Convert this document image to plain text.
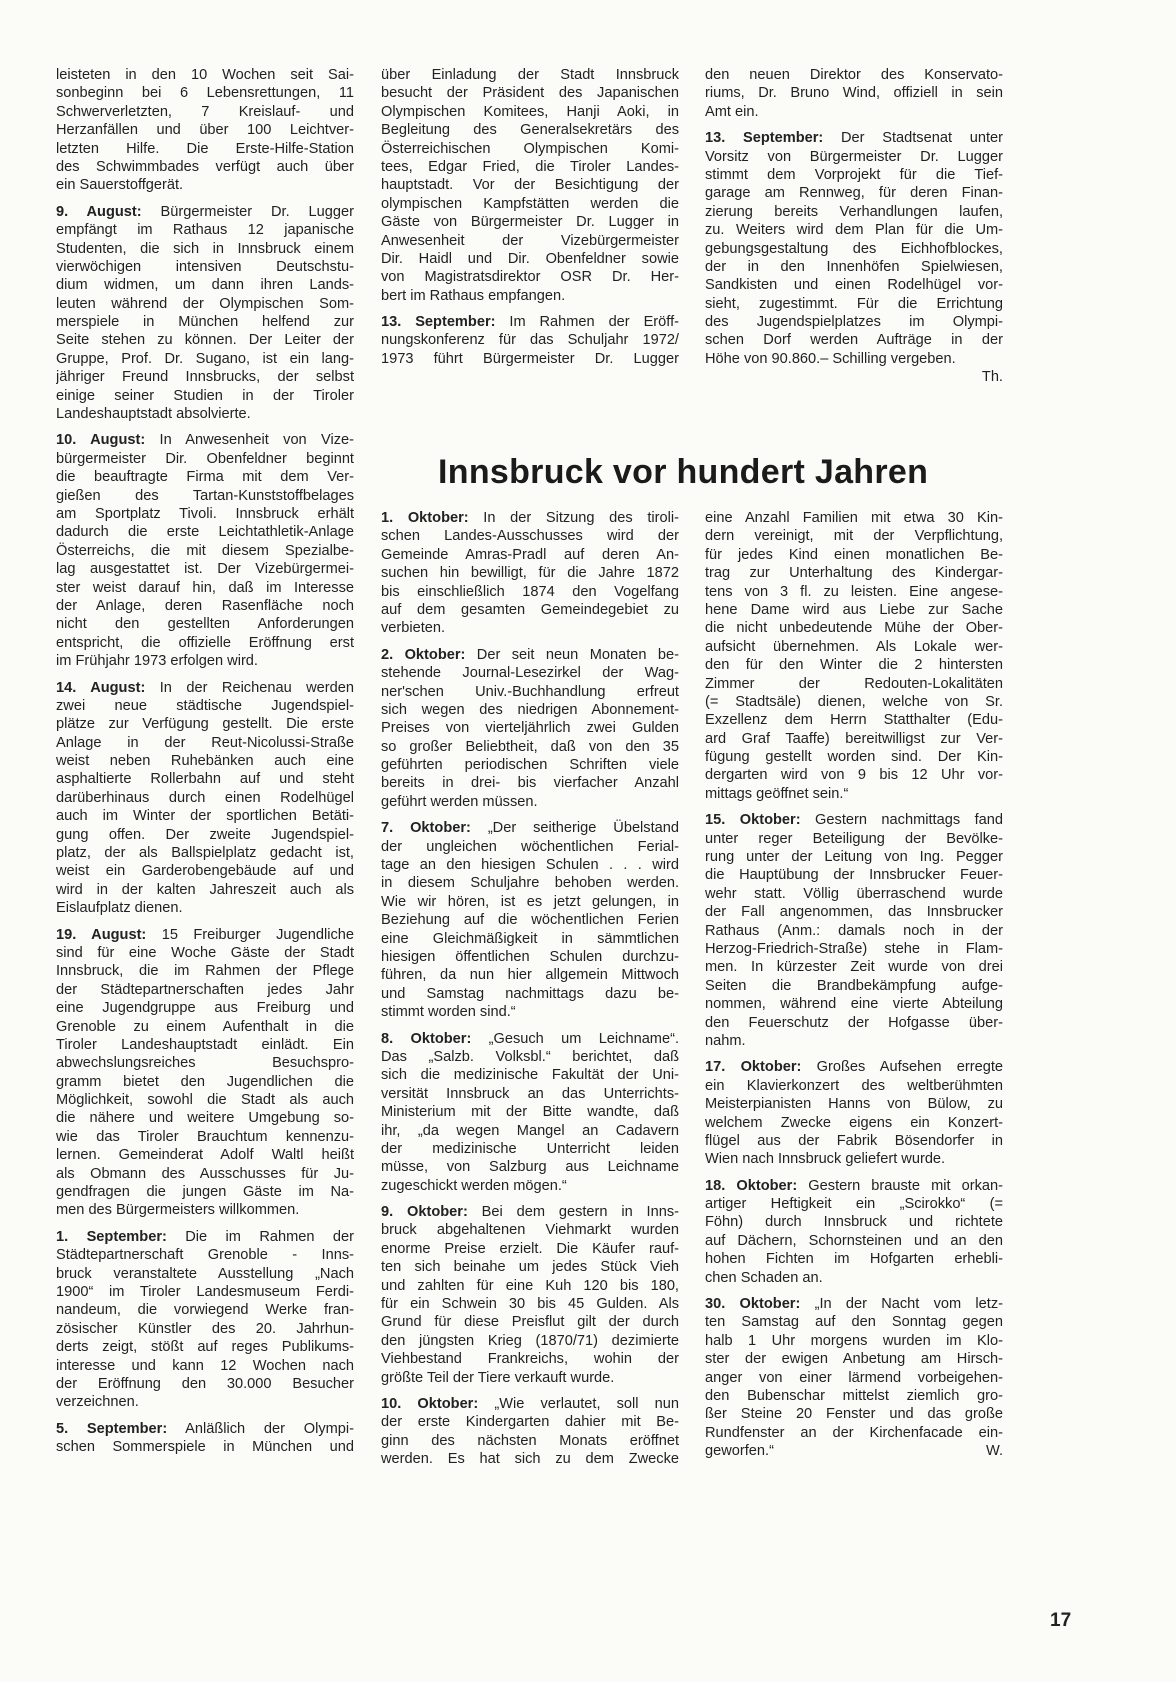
leisteten in den 10 Wochen seit Sai-
sonbeginn bei 6 Lebensrettungen, 11
Schwerverletzten, 7 Kreislauf- und
Herzanfällen und über 100 Leichtver-
letzten Hilfe. Die Erste-Hilfe-Station
des Schwimmbades verfügt auch über
ein Sauerstoffgerät.
9. August: Bürgermeister Dr. Lugger
empfängt im Rathaus 12 japanische
Studenten, die sich in Innsbruck einem
vierwöchigen intensiven Deutschstu-
dium widmen, um dann ihren Lands-
leuten während der Olympischen Som-
merspiele in München helfend zur
Seite stehen zu können. Der Leiter der
Gruppe, Prof. Dr. Sugano, ist ein lang-
jähriger Freund Innsbrucks, der selbst
einige seiner Studien in der Tiroler
Landeshauptstadt absolvierte.
10. August: In Anwesenheit von Vize-
bürgermeister Dir. Obenfeldner beginnt
die beauftragte Firma mit dem Ver-
gießen des Tartan-Kunststoffbelages
am Sportplatz Tivoli. Innsbruck erhält
dadurch die erste Leichtathletik-Anlage
Österreichs, die mit diesem Spezialbe-
lag ausgestattet ist. Der Vizebürgermei-
ster weist darauf hin, daß im Interesse
der Anlage, deren Rasenfläche noch
nicht den gestellten Anforderungen
entspricht, die offizielle Eröffnung erst
im Frühjahr 1973 erfolgen wird.
14. August: In der Reichenau werden
zwei neue städtische Jugendspiel-
plätze zur Verfügung gestellt. Die erste
Anlage in der Reut-Nicolussi-Straße
weist neben Ruhebänken auch eine
asphaltierte Rollerbahn auf und steht
darüberhinaus durch einen Rodelhügel
auch im Winter der sportlichen Betäti-
gung offen. Der zweite Jugendspiel-
platz, der als Ballspielplatz gedacht ist,
weist ein Garderobengebäude auf und
wird in der kalten Jahreszeit auch als
Eislaufplatz dienen.
19. August: 15 Freiburger Jugendliche
sind für eine Woche Gäste der Stadt
Innsbruck, die im Rahmen der Pflege
der Städtepartnerschaften jedes Jahr
eine Jugendgruppe aus Freiburg und
Grenoble zu einem Aufenthalt in die
Tiroler Landeshauptstadt einlädt. Ein
abwechslungsreiches Besuchspro-
gramm bietet den Jugendlichen die
Möglichkeit, sowohl die Stadt als auch
die nähere und weitere Umgebung so-
wie das Tiroler Brauchtum kennenzu-
lernen. Gemeinderat Adolf Waltl heißt
als Obmann des Ausschusses für Ju-
gendfragen die jungen Gäste im Na-
men des Bürgermeisters willkommen.
1. September: Die im Rahmen der
Städtepartnerschaft Grenoble - Inns-
bruck veranstaltete Ausstellung „Nach
1900“ im Tiroler Landesmuseum Ferdi-
nandeum, die vorwiegend Werke fran-
zösischer Künstler des 20. Jahrhun-
derts zeigt, stößt auf reges Publikums-
interesse und kann 12 Wochen nach
der Eröffnung den 30.000 Besucher
verzeichnen.
5. September: Anläßlich der Olympi-
schen Sommerspiele in München und
über Einladung der Stadt Innsbruck
besucht der Präsident des Japanischen
Olympischen Komitees, Hanji Aoki, in
Begleitung des Generalsekretärs des
Österreichischen Olympischen Komi-
tees, Edgar Fried, die Tiroler Landes-
hauptstadt. Vor der Besichtigung der
olympischen Kampfstätten werden die
Gäste von Bürgermeister Dr. Lugger in
Anwesenheit der Vizebürgermeister
Dir. Haidl und Dir. Obenfeldner sowie
von Magistratsdirektor OSR Dr. Her-
bert im Rathaus empfangen.
13. September: Im Rahmen der Eröff-
nungskonferenz für das Schuljahr 1972/
1973 führt Bürgermeister Dr. Lugger
den neuen Direktor des Konservato-
riums, Dr. Bruno Wind, offiziell in sein
Amt ein.
13. September: Der Stadtsenat unter
Vorsitz von Bürgermeister Dr. Lugger
stimmt dem Vorprojekt für die Tief-
garage am Rennweg, für deren Finan-
zierung bereits Verhandlungen laufen,
zu. Weiters wird dem Plan für die Um-
gebungsgestaltung des Eichhofblockes,
der in den Innenhöfen Spielwiesen,
Sandkisten und einen Rodelhügel vor-
sieht, zugestimmt. Für die Errichtung
des Jugendspielplatzes im Olympi-
schen Dorf werden Aufträge in der
Höhe von 90.860.– Schilling vergeben.
Th.
Innsbruck vor hundert Jahren
1. Oktober: In der Sitzung des tiroli-
schen Landes-Ausschusses wird der
Gemeinde Amras-Pradl auf deren An-
suchen hin bewilligt, für die Jahre 1872
bis einschließlich 1874 den Vogelfang
auf dem gesamten Gemeindegebiet zu
verbieten.
2. Oktober: Der seit neun Monaten be-
stehende Journal-Lesezirkel der Wag-
ner'schen Univ.-Buchhandlung erfreut
sich wegen des niedrigen Abonnement-
Preises von vierteljährlich zwei Gulden
so großer Beliebtheit, daß von den 35
geführten periodischen Schriften viele
bereits in drei- bis vierfacher Anzahl
geführt werden müssen.
7. Oktober: „Der seitherige Übelstand
der ungleichen wöchentlichen Ferial-
tage an den hiesigen Schulen . . . wird
in diesem Schuljahre behoben werden.
Wie wir hören, ist es jetzt gelungen, in
Beziehung auf die wöchentlichen Ferien
eine Gleichmäßigkeit in sämmtlichen
hiesigen öffentlichen Schulen durchzu-
führen, da nun hier allgemein Mittwoch
und Samstag nachmittags dazu be-
stimmt worden sind.“
8. Oktober: „Gesuch um Leichname“.
Das „Salzb. Volksbl.“ berichtet, daß
sich die medizinische Fakultät der Uni-
versität Innsbruck an das Unterrichts-
Ministerium mit der Bitte wandte, daß
ihr, „da wegen Mangel an Cadavern
der medizinische Unterricht leiden
müsse, von Salzburg aus Leichname
zugeschickt werden mögen.“
9. Oktober: Bei dem gestern in Inns-
bruck abgehaltenen Viehmarkt wurden
enorme Preise erzielt. Die Käufer rauf-
ten sich beinahe um jedes Stück Vieh
und zahlten für eine Kuh 120 bis 180,
für ein Schwein 30 bis 45 Gulden. Als
Grund für diese Preisflut gilt der durch
den jüngsten Krieg (1870/71) dezimierte
Viehbestand Frankreichs, wohin der
größte Teil der Tiere verkauft wurde.
10. Oktober: „Wie verlautet, soll nun
der erste Kindergarten dahier mit Be-
ginn des nächsten Monats eröffnet
werden. Es hat sich zu dem Zwecke
eine Anzahl Familien mit etwa 30 Kin-
dern vereinigt, mit der Verpflichtung,
für jedes Kind einen monatlichen Be-
trag zur Unterhaltung des Kindergar-
tens von 3 fl. zu leisten. Eine angese-
hene Dame wird aus Liebe zur Sache
die nicht unbedeutende Mühe der Ober-
aufsicht übernehmen. Als Lokale wer-
den für den Winter die 2 hintersten
Zimmer der Redouten-Lokalitäten
(= Stadtsäle) dienen, welche von Sr.
Exzellenz dem Herrn Statthalter (Edu-
ard Graf Taaffe) bereitwilligst zur Ver-
fügung gestellt worden sind. Der Kin-
dergarten wird von 9 bis 12 Uhr vor-
mittags geöffnet sein.“
15. Oktober: Gestern nachmittags fand
unter reger Beteiligung der Bevölke-
rung unter der Leitung von Ing. Pegger
die Hauptübung der Innsbrucker Feuer-
wehr statt. Völlig überraschend wurde
der Fall angenommen, das Innsbrucker
Rathaus (Anm.: damals noch in der
Herzog-Friedrich-Straße) stehe in Flam-
men. In kürzester Zeit wurde von drei
Seiten die Brandbekämpfung aufge-
nommen, während eine vierte Abteilung
den Feuerschutz der Hofgasse über-
nahm.
17. Oktober: Großes Aufsehen erregte
ein Klavierkonzert des weltberühmten
Meisterpianisten Hanns von Bülow, zu
welchem Zwecke eigens ein Konzert-
flügel aus der Fabrik Bösendorfer in
Wien nach Innsbruck geliefert wurde.
18. Oktober: Gestern brauste mit orkan-
artiger Heftigkeit ein „Scirokko“ (=
Föhn) durch Innsbruck und richtete
auf Dächern, Schornsteinen und an den
hohen Fichten im Hofgarten erhebli-
chen Schaden an.
30. Oktober: „In der Nacht vom letz-
ten Samstag auf den Sonntag gegen
halb 1 Uhr morgens wurden im Klo-
ster der ewigen Anbetung am Hirsch-
anger von einer lärmend vorbeigehen-
den Bubenschar mittelst ziemlich gro-
ßer Steine 20 Fenster und das große
Rundfenster an der Kirchenfacade ein-
geworfen.“ W.
17
